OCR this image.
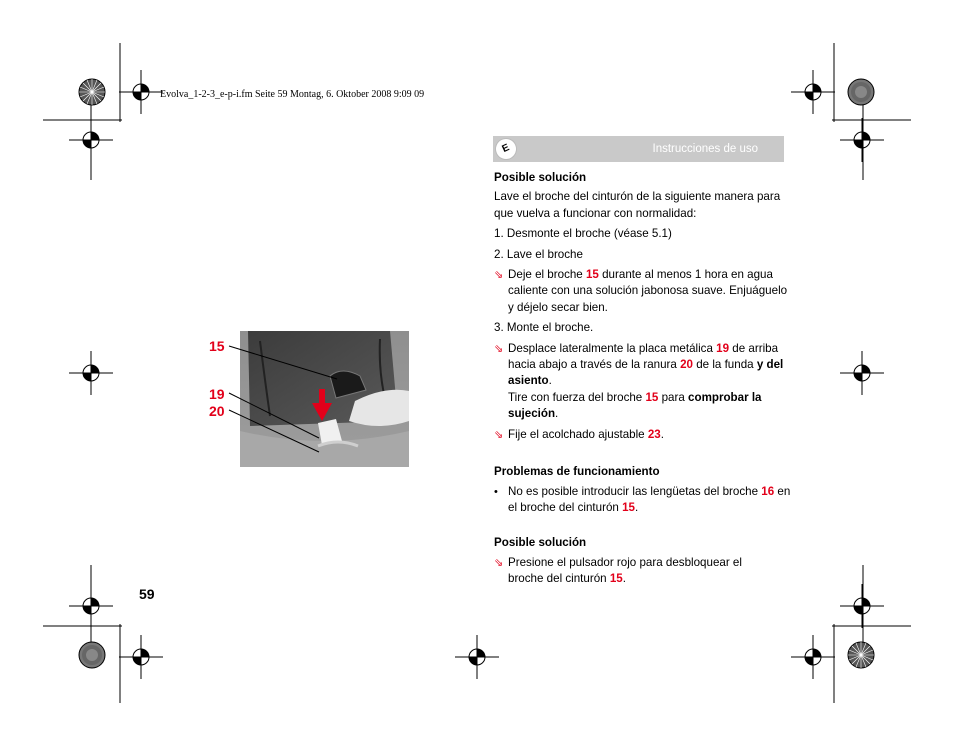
Evolva_1-2-3_e-p-i.fm Seite 59 Montag, 6. Oktober 2008 9:09 09
E	Instrucciones de uso

Posible solución

Lave el broche del cinturón de la siguiente manera para que vuelva a funcionar con normalidad:

1. Desmonte el broche (véase 5.1)

2. Lave el broche

⇘ Deje el broche 15 durante al menos 1 hora en agua caliente con una solución jabonosa suave. Enjuáguelo y déjelo secar bien.

3. Monte el broche.

⇘ Desplace lateralmente la placa metálica 19 de arriba hacia abajo a través de la ranura 20 de la funda y del asiento.
Tire con fuerza del broche 15 para comprobar la sujeción.
⇘ Fije el acolchado ajustable 23.

Problemas de funcionamiento

• No es posible introducir las lengüetas del broche 16 en el broche del cinturón 15.

Posible solución

⇘ Presione el pulsador rojo para desbloquear el broche del cinturón 15.
15
19
20
59
